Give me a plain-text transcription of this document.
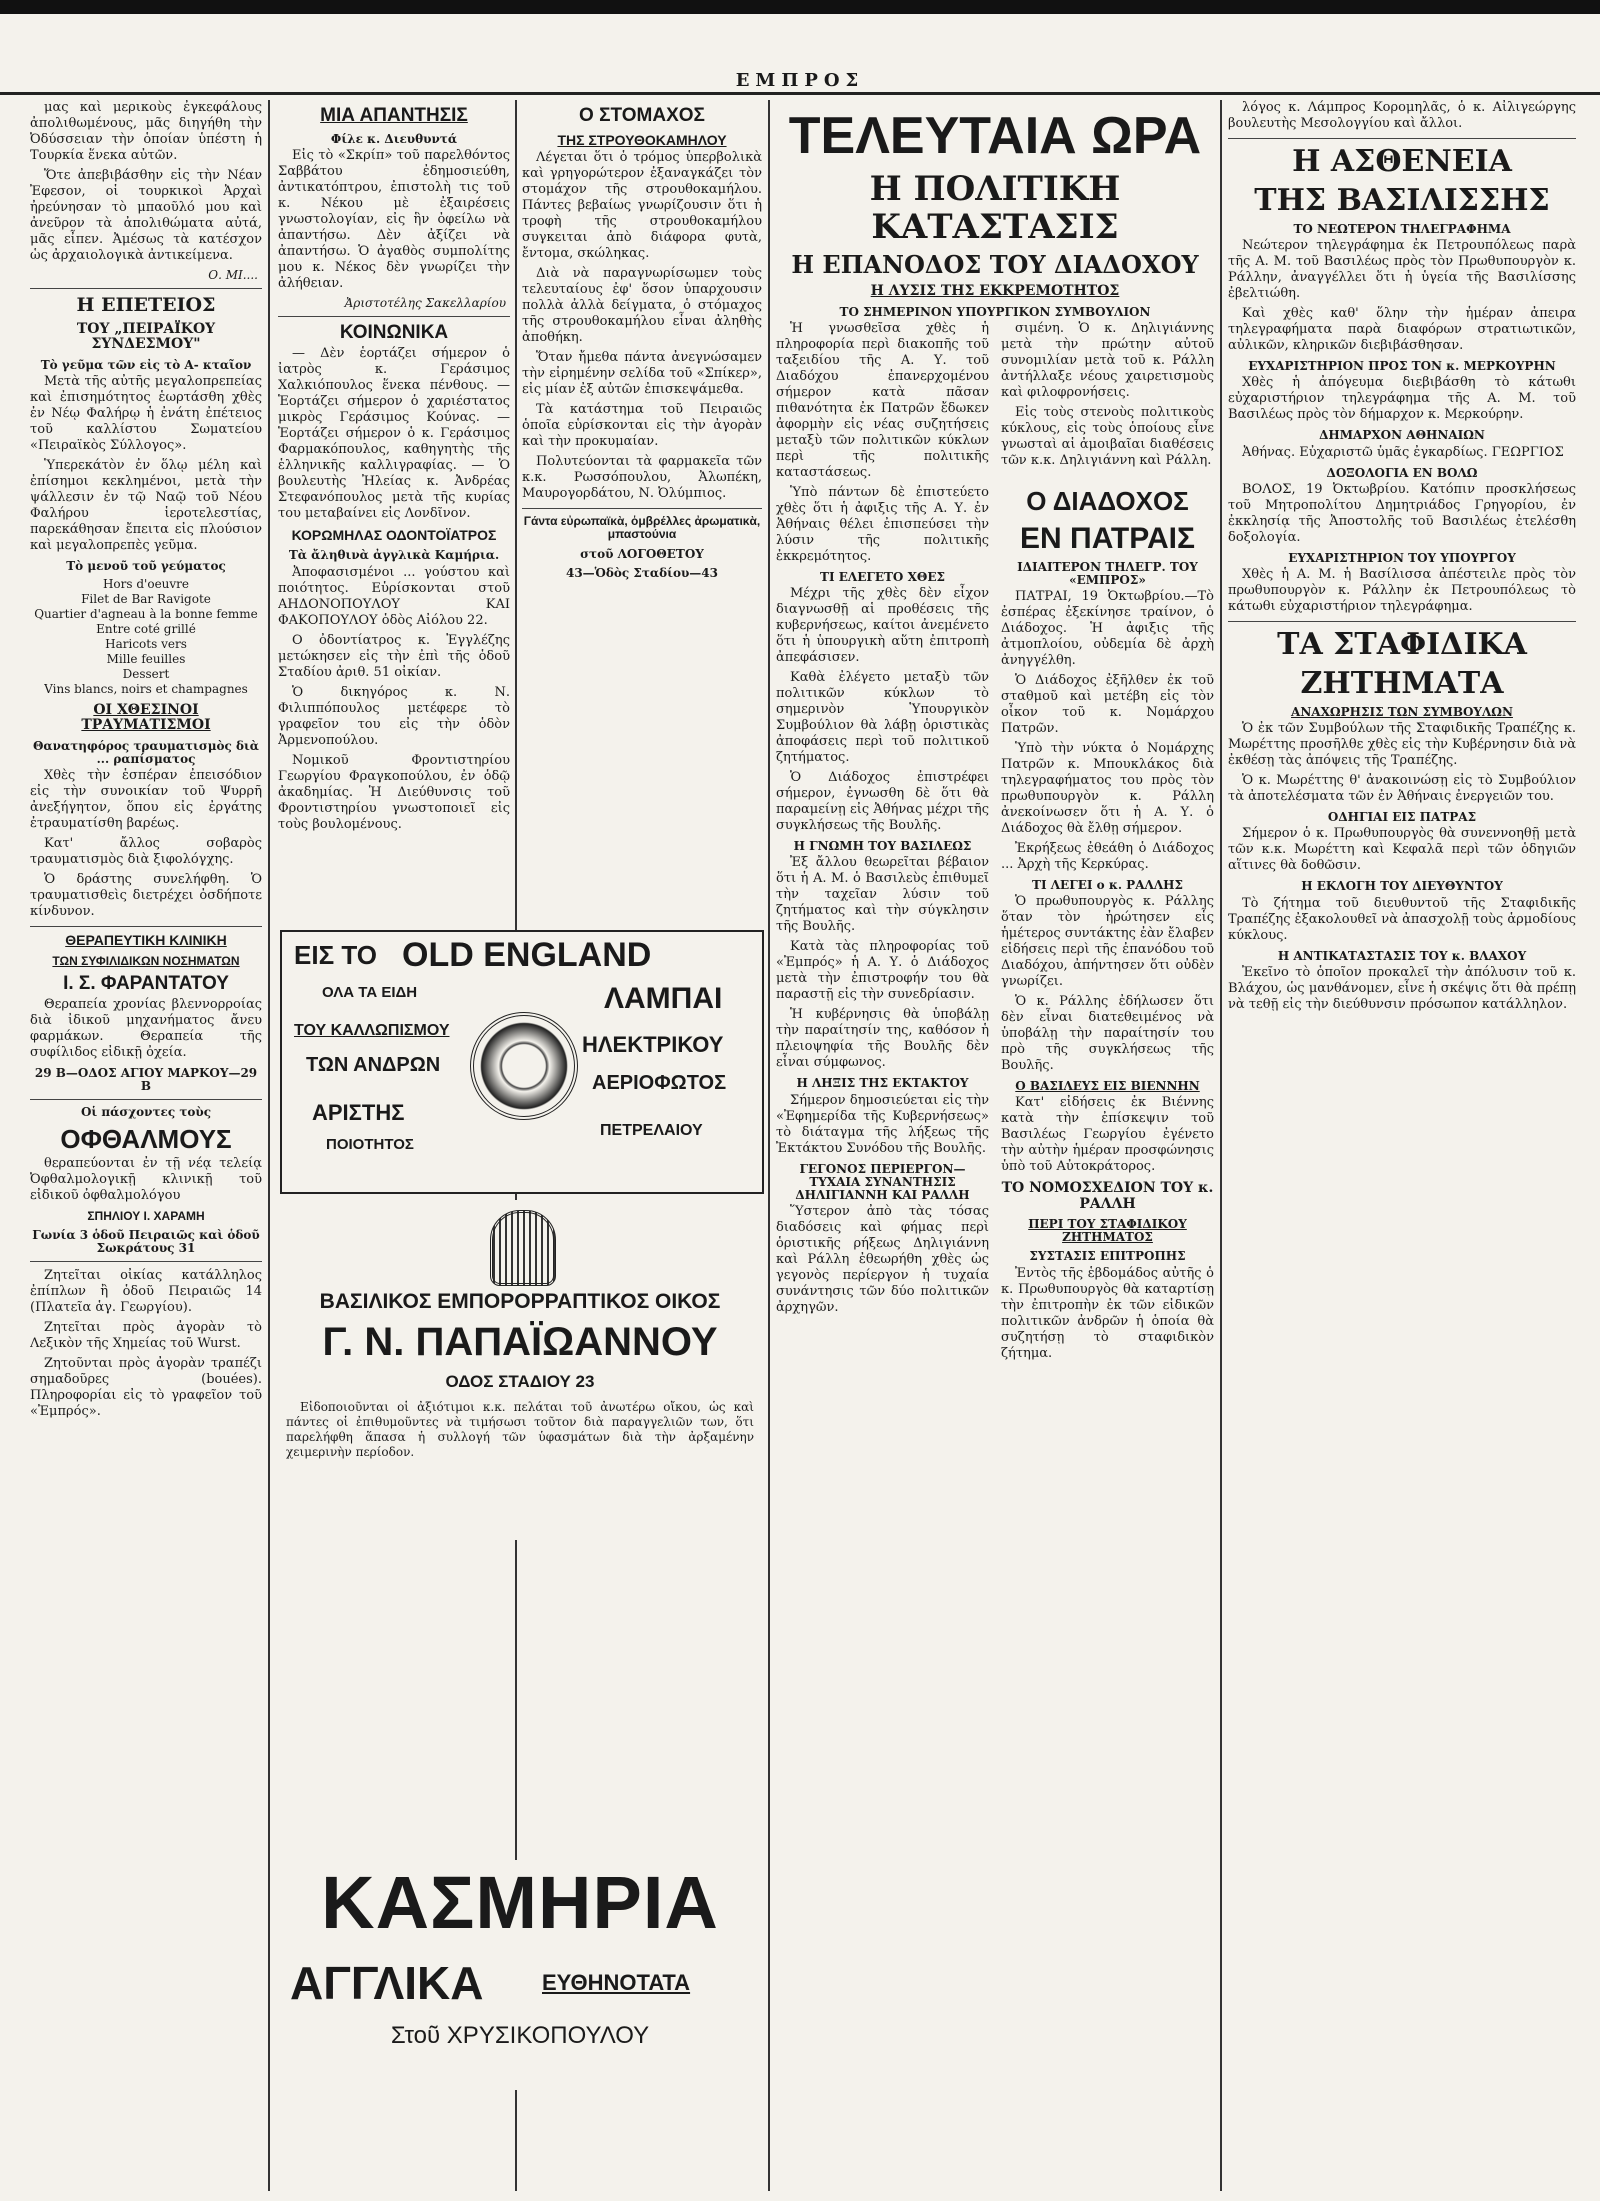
ΕΜΠΡΟΣ

μας καὶ μερικοὺς ἐγκεφάλους ἀπολιθωμένους, μᾶς διηγήθη τὴν Ὀδύσσειαν τὴν ὁποίαν ὑπέστη ἡ Τουρκία ἕνεκα αὐτῶν.

Ὅτε ἀπεβιβάσθην εἰς τὴν Νέαν Ἐφεσον, οἱ τουρκικοὶ Ἀρχαὶ ἠρεύνησαν τὸ μπαοῦλό μου καὶ ἀνεῦρον τὰ ἀπολιθώματα αὐτά, μᾶς εἶπεν. Ἀμέσως τὰ κατέσχον ὡς ἀρχαιολογικὰ ἀντικείμενα.

Ο. ΜΙ....
Η ΕΠΕΤΕΙΟΣ
ΤΟΥ „ΠΕΙΡΑΪΚΟΥ ΣΥΝΔΕΣΜΟΥ"
Τὸ γεῦμα τῶν εἰς τὸ Α- κταῖον

Μετὰ τῆς αὐτῆς μεγαλοπρεπείας καὶ ἐπισημότητος ἑωρτάσθη χθὲς ἐν Νέῳ Φαλήρῳ ἡ ἐνάτη ἐπέτειος τοῦ καλλίστου Σωματείου «Πειραϊκὸς Σύλλογος».

Ὑπερεκάτὸν ἐν ὅλῳ μέλη καὶ ἐπίσημοι κεκλημένοι, μετὰ τὴν ψάλλεσιν ἐν τῷ Ναῷ τοῦ Νέου Φαλήρου ἱεροτελεστίας, παρεκάθησαν ἔπειτα εἰς πλούσιον καὶ μεγαλοπρεπὲς γεῦμα.

Τὸ μενοῦ τοῦ γεύματος
Hors d'oeuvre
Filet de Bar Ravigote
Quartier d'agneau à la bonne femme
Entre coté grillé
Haricots vers
Mille feuilles
Dessert
Vins blancs, noirs et champagnes
ΟΙ ΧΘΕΣΙΝΟΙ ΤΡΑΥΜΑΤΙΣΜΟΙ
Θανατηφόρος τραυματισμὸς διὰ ... ραπίσματος

Χθὲς τὴν ἑσπέραν ἐπεισόδιον εἰς τὴν συνοικίαν τοῦ Ψυρρῆ ἀνεξήγητον, ὅπου εἰς ἐργάτης ἐτραυματίσθη βαρέως.

Κατ' ἄλλος σοβαρὸς τραυματισμὸς διὰ ξιφολόγχης.

Ὁ δράστης συνελήφθη. Ὁ τραυματισθεὶς διετρέχει ὀσδήποτε κίνδυνον.

ΘΕΡΑΠΕΥΤΙΚΗ ΚΛΙΝΙΚΗ
ΤΩΝ ΣΥΦΙΛΙΔΙΚΩΝ ΝΟΣΗΜΑΤΩΝ
Ι. Σ. ΦΑΡΑΝΤΑΤΟΥ

Θεραπεία χρονίας βλεννορροίας διὰ ἰδικοῦ μηχανήματος ἄνευ φαρμάκων. Θεραπεία τῆς συφίλιδος εἰδικῇ ὀχεία.

29 Β—ΟΔΟΣ ΑΓΙΟΥ ΜΑΡΚΟΥ—29 Β
Οἱ πάσχοντες τοὺς
ΟΦΘΑΛΜΟΥΣ

θεραπεύονται ἐν τῇ νέᾳ τελείᾳ Ὀφθαλμολογικῇ κλινικῇ τοῦ εἰδικοῦ ὀφθαλμολόγου

ΣΠΗΛΙΟΥ Ι. ΧΑΡΑΜΗ
Γωνία 3 ὁδοῦ Πειραιῶς καὶ ὁδοῦ Σωκράτους 31

Ζητεῖται οἰκίας κατάλληλος ἐπίπλων ἢ ὁδοῦ Πειραιῶς 14 (Πλατεῖα ἁγ. Γεωργίου).

Ζητεῖται πρὸς ἀγορὰν τὸ Λεξικὸν τῆς Χημείας τοῦ Wurst.

Ζητοῦνται πρὸς ἀγορὰν τραπέζι σημαδοῦρες (bouées). Πληροφορίαι εἰς τὸ γραφεῖον τοῦ «Ἐμπρός».

ΜΙΑ ΑΠΑΝΤΗΣΙΣ
Φίλε κ. Διευθυντά

Εἰς τὸ «Σκρίπ» τοῦ παρελθόντος Σαββάτου ἐδημοσιεύθη, ἀντικατόπτρου, ἐπιστολὴ τις τοῦ κ. Νέκου μὲ ἐξαιρέσεις γνωστολογίαν, εἰς ἣν ὀφείλω νὰ ἀπαντήσω. Δὲν ἀξίζει νὰ ἀπαντήσω. Ὁ ἀγαθὸς συμπολίτης μου κ. Νέκος δὲν γνωρίζει τὴν ἀλήθειαν.

Ἀριστοτέλης Σακελλαρίου
ΚΟΙΝΩΝΙΚΑ

— Δὲν ἑορτάζει σήμερον ὁ ἰατρὸς κ. Γεράσιμος Χαλκιόπουλος ἕνεκα πένθους. — Ἑορτάζει σήμερον ὁ χαριέστατος μικρὸς Γεράσιμος Κούνας. — Ἑορτάζει σήμερον ὁ κ. Γεράσιμος Φαρμακόπουλος, καθηγητὴς τῆς ἑλληνικῆς καλλιγραφίας. — Ὁ βουλευτὴς Ἠλείας κ. Ἀνδρέας Στεφανόπουλος μετὰ τῆς κυρίας του μεταβαίνει εἰς Λονδῖνον.

ΚΟΡΩΜΗΛΑΣ ΟΔΟΝΤΟΪΑΤΡΟΣ
Τὰ ἄληθινὰ ἀγγλικὰ Καμήρια.

Ἀποφασισμένοι ... γούστου καὶ ποιότητος. Εὑρίσκονται στοῦ ΑΗΔΟΝΟΠΟΥΛΟΥ ΚΑΙ ΦΑΚΟΠΟΥΛΟΥ ὁδὸς Αἰόλου 22.

Ο ὀδοντίατρος κ. Ἐγγλέζης μετώκησεν εἰς τὴν ἐπὶ τῆς ὁδοῦ Σταδίου ἀριθ. 51 οἰκίαν.

Ὁ δικηγόρος κ. Ν. Φιλιππόπουλος μετέφερε τὸ γραφεῖον του εἰς τὴν ὁδὸν Ἀρμενοπούλου.

Νομικοῦ Φροντιστηρίου Γεωργίου Φραγκοπούλου, ἐν ὁδῷ ἀκαδημίας. Ἡ Διεύθυνσις τοῦ Φροντιστηρίου γνωστοποιεῖ εἰς τοὺς βουλομένους.

Ο ΣΤΟΜΑΧΟΣ
ΤΗΣ ΣΤΡΟΥΘΟΚΑΜΗΛΟΥ

Λέγεται ὅτι ὁ τρόμος ὑπερβολικὰ καὶ γρηγορώτερον ἐξαναγκάζει τὸν στομάχον τῆς στρουθοκαμήλου. Πάντες βεβαίως γνωρίζουσιν ὅτι ἡ τροφὴ τῆς στρουθοκαμήλου συγκειται ἀπὸ διάφορα φυτὰ, ἔντομα, σκώληκας.

Διὰ νὰ παραγνωρίσωμεν τοὺς τελευταίους ἐφ' ὅσον ὑπαρχουσιν πολλὰ ἀλλὰ δείγματα, ὁ στόμαχος τῆς στρουθοκαμήλου εἶναι ἀληθὴς ἀποθήκη.

Ὅταν ἤμεθα πάντα ἀνεγνώσαμεν τὴν εἰρημένην σελίδα τοῦ «Σπίκερ», εἰς μίαν ἐξ αὐτῶν ἐπισκεψάμεθα.

Τὰ κατάστημα τοῦ Πειραιῶς ὁποῖα εὑρίσκονται εἰς τὴν ἀγορὰν καὶ τὴν προκυμαίαν.

Πολυτεύονται τὰ φαρμακεῖα τῶν κ.κ. Ρωσσόπουλου, Ἀλωπέκη, Μαυρογορδάτου, Ν. Ὀλύμπιος.

Γάντα εὐρωπαϊκὰ, ὁμβρέλλες ἀρωματικὰ, μπαστούνια
στοῦ ΛΟΓΟΘΕΤΟΥ
43—Ὁδὸς Σταδίου—43
ΕΙΣ ΤΟ OLD ENGLAND
ΟΛΑ ΤΑ ΕΙΔΗ	ΛΑΜΠΑΙ
ΤΟΥ ΚΑΛΛΩΠΙΣΜΟΥ
ΗΛΕΚΤΡΙΚΟΥ
ΤΩΝ ΑΝΔΡΩΝ
ΑΕΡΙΟΦΩΤΟΣ
ΑΡΙΣΤΗΣ
ΠΟΙΟΤΗΤΟΣ
ΠΕΤΡΕΛΑΙΟΥ
ΒΑΣΙΛΙΚΟΣ ΕΜΠΟΡΟΡΡΑΠΤΙΚΟΣ ΟΙΚΟΣ
Γ. Ν. ΠΑΠΑΪΩΑΝΝΟΥ
ΟΔΟΣ ΣΤΑΔΙΟΥ 23

Εἰδοποιοῦνται οἱ ἀξιότιμοι κ.κ. πελάται τοῦ ἀνωτέρω οἴκου, ὡς καὶ πάντες οἱ ἐπιθυμοῦντες νὰ τιμήσωσι τοῦτον διὰ παραγγελιῶν των, ὅτι παρελήφθη ἅπασα ἡ συλλογή τῶν ὑφασμάτων διὰ τὴν ἀρξαμένην χειμερινὴν περίοδον.

ΚΑΣΜΗΡΙΑ
ΑΓΓΛΙΚΑ	ΕΥΘΗΝΟΤΑΤΑ
Στοῦ ΧΡΥΣΙΚΟΠΟΥΛΟΥ
ΤΕΛΕΥΤΑΙΑ ΩΡΑ
Η ΠΟΛΙΤΙΚΗ ΚΑΤΑΣΤΑΣΙΣ
Η ΕΠΑΝΟΔΟΣ ΤΟΥ ΔΙΑΔΟΧΟΥ
Η ΛΥΣΙΣ ΤΗΣ ΕΚΚΡΕΜΟΤΗΤΟΣ
ΤΟ ΣΗΜΕΡΙΝΟΝ ΥΠΟΥΡΓΙΚΟΝ ΣΥΜΒΟΥΛΙΟΝ

Ἡ γνωσθεῖσα χθὲς ἡ πληροφορία περὶ διακοπῆς τοῦ ταξειδίου τῆς Α. Υ. τοῦ Διαδόχου ἐπανερχομένου σήμερον κατὰ πᾶσαν πιθανότητα ἐκ Πατρῶν ἔδωκεν ἀφορμὴν εἰς νέας συζητήσεις μεταξὺ τῶν πολιτικῶν κύκλων περὶ τῆς πολιτικῆς καταστάσεως.

Ὑπὸ πάντων δὲ ἐπιστεύετο χθὲς ὅτι ἡ ἀφιξις τῆς Α. Υ. ἐν Ἀθήναις θέλει ἐπισπεύσει τὴν λύσιν τῆς πολιτικῆς ἐκκρεμότητος.

ΤΙ ΕΛΕΓΕΤΟ ΧΘΕΣ

Μέχρι τῆς χθὲς δὲν εἶχον διαγνωσθῇ αἱ προθέσεις τῆς κυβερνήσεως, καίτοι ἀνεμένετο ὅτι ἡ ὑπουργικὴ αὕτη ἐπιτροπὴ ἀπεφάσισεν.

Καθὰ ἐλέγετο μεταξὺ τῶν πολιτικῶν κύκλων τὸ σημερινὸν Ὑπουργικὸν Συμβούλιον θὰ λάβῃ ὁριστικὰς ἀποφάσεις περὶ τοῦ πολιτικοῦ ζητήματος.

Ὁ Διάδοχος ἐπιστρέφει σήμερον, ἐγνωσθη δὲ ὅτι θὰ παραμείνῃ εἰς Ἀθήνας μέχρι τῆς συγκλήσεως τῆς Βουλῆς.

Η ΓΝΩΜΗ ΤΟΥ ΒΑΣΙΛΕΩΣ

Ἐξ ἄλλου θεωρεῖται βέβαιον ὅτι ἡ Α. Μ. ὁ Βασιλεὺς ἐπιθυμεῖ τὴν ταχεῖαν λύσιν τοῦ ζητήματος καὶ τὴν σύγκλησιν τῆς Βουλῆς.

Κατὰ τὰς πληροφορίας τοῦ «Ἐμπρός» ἡ Α. Υ. ὁ Διάδοχος μετὰ τὴν ἐπιστροφήν του θὰ παραστῇ εἰς τὴν συνεδρίασιν.

Ἡ κυβέρνησις θὰ ὑποβάλῃ τὴν παραίτησίν της, καθόσον ἡ πλειοψηφία τῆς Βουλῆς δὲν εἶναι σύμφωνος.

Η ΛΗΞΙΣ ΤΗΣ ΕΚΤΑΚΤΟΥ

Σήμερον δημοσιεύεται εἰς τὴν «Ἐφημερίδα τῆς Κυβερνήσεως» τὸ διάταγμα τῆς λήξεως τῆς Ἐκτάκτου Συνόδου τῆς Βουλῆς.

ΓΕΓΟΝΟΣ ΠΕΡΙΕΡΓΟΝ—ΤΥΧΑΙΑ ΣΥΝΑΝΤΗΣΙΣ ΔΗΛΙΓΙΑΝΝΗ ΚΑΙ ΡΑΛΛΗ

Ὕστερον ἀπὸ τὰς τόσας διαδόσεις καὶ φήμας περὶ ὁριστικῆς ρήξεως Δηλιγιάννη καὶ Ράλλη ἐθεωρήθη χθὲς ὡς γεγονὸς περίεργον ἡ τυχαία συνάντησις τῶν δύο πολιτικῶν ἀρχηγῶν.

σιμένη. Ὁ κ. Δηλιγιάννης μετὰ τὴν πρώτην αὐτοῦ συνομιλίαν μετὰ τοῦ κ. Ράλλη ἀντήλλαξε νέους χαιρετισμοὺς καὶ φιλοφρονήσεις.

Εἰς τοὺς στενοὺς πολιτικοὺς κύκλους, εἰς τοὺς ὁποίους εἶνε γνωσταὶ αἱ ἀμοιβαῖαι διαθέσεις τῶν κ.κ. Δηλιγιάννη καὶ Ράλλη.

Ο ΔΙΑΔΟΧΟΣ
ΕΝ ΠΑΤΡΑΙΣ
ΙΔΙΑΙΤΕΡΟΝ ΤΗΛΕΓΡ. ΤΟΥ «ΕΜΠΡΟΣ»

ΠΑΤΡΑΙ, 19 Ὀκτωβρίου.—Τὸ ἐσπέρας ἐξεκίνησε τραίνον, ὁ Διάδοχος. Ἡ ἀφιξις τῆς ἀτμοπλοίου, οὐδεμία δὲ ἀρχὴ ἀνηγγέλθη.

Ὁ Διάδοχος ἐξῆλθεν ἐκ τοῦ σταθμοῦ καὶ μετέβη εἰς τὸν οἶκον τοῦ κ. Νομάρχου Πατρῶν.

Ὑπὸ τὴν νύκτα ὁ Νομάρχης Πατρῶν κ. Μπουκλάκος διὰ τηλεγραφήματος του πρὸς τὸν πρωθυπουργὸν κ. Ράλλη ἀνεκοίνωσεν ὅτι ἡ Α. Υ. ὁ Διάδοχος θὰ ἔλθῃ σήμερον.

Ἐκρήξεως ἐθεάθη ὁ Διάδοχος ... Ἀρχὴ τῆς Κερκύρας.

ΤΙ ΛΕΓΕΙ ο κ. ΡΑΛΛΗΣ

Ὁ πρωθυπουργὸς κ. Ράλλης ὅταν τὸν ἠρώτησεν εἷς ἡμέτερος συντάκτης ἐὰν ἔλαβεν εἰδήσεις περὶ τῆς ἐπανόδου τοῦ Διαδόχου, ἀπήντησεν ὅτι οὐδὲν γνωρίζει.

Ὁ κ. Ράλλης ἐδήλωσεν ὅτι δὲν εἶναι διατεθειμένος νὰ ὑποβάλῃ τὴν παραίτησίν του πρὸ τῆς συγκλήσεως τῆς Βουλῆς.

Ο ΒΑΣΙΛΕΥΣ ΕΙΣ ΒΙΕΝΝΗΝ

Κατ' εἰδήσεις ἐκ Βιέννης κατὰ τὴν ἐπίσκεψιν τοῦ Βασιλέως Γεωργίου ἐγένετο τὴν αὐτὴν ἡμέραν προσφώνησις ὑπὸ τοῦ Αὐτοκράτορος.

ΤΟ ΝΟΜΟΣΧΕΔΙΟΝ ΤΟΥ κ. ΡΑΛΛΗ
ΠΕΡΙ ΤΟΥ ΣΤΑΦΙΔΙΚΟΥ ΖΗΤΗΜΑΤΟΣ
ΣΥΣΤΑΣΙΣ ΕΠΙΤΡΟΠΗΣ

Ἐντὸς τῆς ἑβδομάδος αὐτῆς ὁ κ. Πρωθυπουργὸς θὰ καταρτίσῃ τὴν ἐπιτροπὴν ἐκ τῶν εἰδικῶν πολιτικῶν ἀνδρῶν ἡ ὁποία θὰ συζητήσῃ τὸ σταφιδικὸν ζήτημα.

λόγος κ. Λάμπρος Κορομηλᾶς, ὁ κ. Αἰλιγεώργης βουλευτὴς Μεσολογγίου καὶ ἄλλοι.

Η ΑΣΘΕΝΕΙΑ
ΤΗΣ ΒΑΣΙΛΙΣΣΗΣ
ΤΟ ΝΕΩΤΕΡΟΝ ΤΗΛΕΓΡΑΦΗΜΑ

Νεώτερον τηλεγράφημα ἐκ Πετρουπόλεως παρὰ τῆς Α. Μ. τοῦ Βασιλέως πρὸς τὸν Πρωθυπουργὸν κ. Ράλλην, ἀναγγέλλει ὅτι ἡ ὑγεία τῆς Βασιλίσσης ἐβελτιώθη.

Καὶ χθὲς καθ' ὅλην τὴν ἡμέραν ἀπειρα τηλεγραφήματα παρὰ διαφόρων στρατιωτικῶν, αὐλικῶν, κληρικῶν διεβιβάσθησαν.

ΕΥΧΑΡΙΣΤΗΡΙΟΝ ΠΡΟΣ ΤΟΝ κ. ΜΕΡΚΟΥΡΗΝ

Χθὲς ἡ ἀπόγευμα διεβιβάσθη τὸ κάτωθι εὐχαριστήριον τηλεγράφημα τῆς Α. Μ. τοῦ Βασιλέως πρὸς τὸν δήμαρχον κ. Μερκούρην.

ΔΗΜΑΡΧΟΝ ΑΘΗΝΑΙΩΝ

Ἀθήνας. Εὐχαριστῶ ὑμᾶς ἐγκαρδίως. ΓΕΩΡΓΙΟΣ

ΔΟΞΟΛΟΓΙΑ ΕΝ ΒΟΛΩ

ΒΟΛΟΣ, 19 Ὀκτωβρίου. Κατόπιν προσκλήσεως τοῦ Μητροπολίτου Δημητριάδος Γρηγορίου, ἐν ἐκκλησίᾳ τῆς Ἀποστολῆς τοῦ Βασιλέως ἐτελέσθη δοξολογία.

ΕΥΧΑΡΙΣΤΗΡΙΟΝ ΤΟΥ ΥΠΟΥΡΓΟΥ

Χθὲς ἡ Α. Μ. ἡ Βασίλισσα ἀπέστειλε πρὸς τὸν πρωθυπουργὸν κ. Ράλλην ἐκ Πετρουπόλεως τὸ κάτωθι εὐχαριστήριον τηλεγράφημα.

ΤΑ ΣΤΑΦΙΔΙΚΑ
ΖΗΤΗΜΑΤΑ
ΑΝΑΧΩΡΗΣΙΣ ΤΩΝ ΣΥΜΒΟΥΛΩΝ

Ὁ ἐκ τῶν Συμβούλων τῆς Σταφιδικῆς Τραπέζης κ. Μωρέττης προσῆλθε χθὲς εἰς τὴν Κυβέρνησιν διὰ νὰ ἐκθέσῃ τὰς ἀπόψεις τῆς Τραπέζης.

Ὁ κ. Μωρέττης θ' ἀνακοινώσῃ εἰς τὸ Συμβούλιον τὰ ἀποτελέσματα τῶν ἐν Ἀθήναις ἐνεργειῶν του.

ΟΔΗΓΙΑΙ ΕΙΣ ΠΑΤΡΑΣ

Σήμερον ὁ κ. Πρωθυπουργὸς θὰ συνεννοηθῇ μετὰ τῶν κ.κ. Μωρέττη καὶ Κεφαλᾶ περὶ τῶν ὁδηγιῶν αἵτινες θὰ δοθῶσιν.

Η ΕΚΛΟΓΗ ΤΟΥ ΔΙΕΥΘΥΝΤΟΥ

Τὸ ζήτημα τοῦ διευθυντοῦ τῆς Σταφιδικῆς Τραπέζης ἐξακολουθεῖ νὰ ἀπασχολῇ τοὺς ἁρμοδίους κύκλους.

Η ΑΝΤΙΚΑΤΑΣΤΑΣΙΣ ΤΟΥ κ. ΒΛΑΧΟΥ

Ἐκεῖνο τὸ ὁποῖον προκαλεῖ τὴν ἀπόλυσιν τοῦ κ. Βλάχου, ὡς μανθάνομεν, εἶνε ἡ σκέψις ὅτι θὰ πρέπῃ νὰ τεθῇ εἰς τὴν διεύθυνσιν πρόσωπον κατάλληλον.
